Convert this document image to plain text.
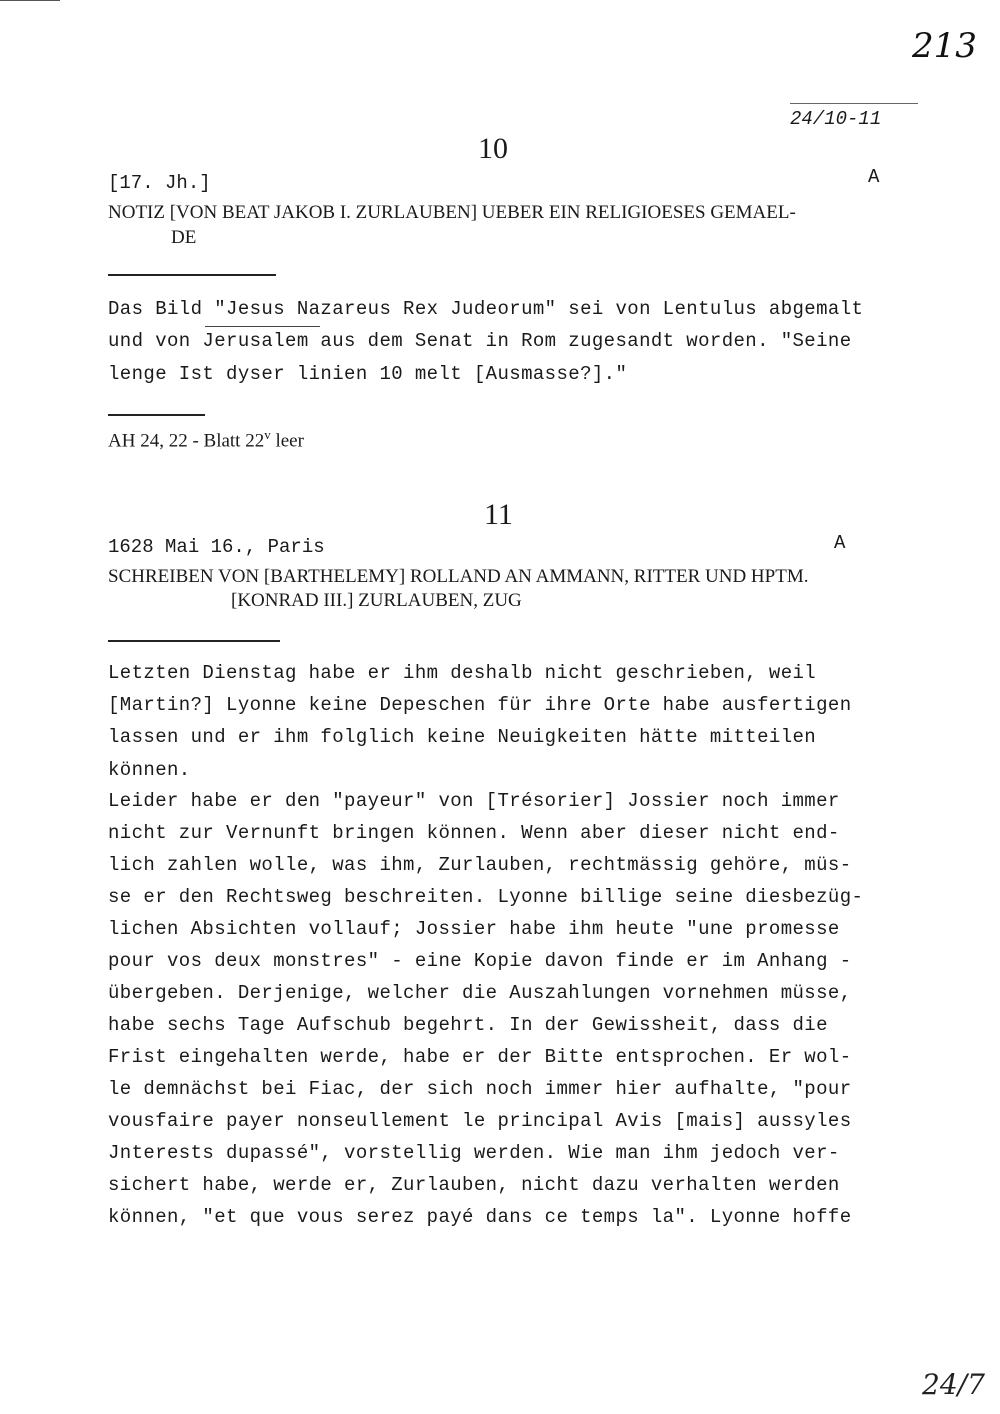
213
24/10-11
10
[17. Jh.]	A
NOTIZ [VON BEAT JAKOB I. ZURLAUBEN] UEBER EIN RELIGIOESES GEMAEL-
DE
Das Bild "Jesus Nazareus Rex Judeorum" sei von Lentulus abgemalt
und von Jerusalem aus dem Senat in Rom zugesandt worden. "Seine
lenge Ist dyser linien 10 melt [Ausmasse?]."
AH 24, 22 - Blatt 22$^v$ leer
11
1628 Mai 16., Paris	A
SCHREIBEN VON [BARTHELEMY] ROLLAND AN AMMANN, RITTER UND HPTM.
[KONRAD III.] ZURLAUBEN, ZUG
Letzten Dienstag habe er ihm deshalb nicht geschrieben, weil
[Martin?] Lyonne keine Depeschen für ihre Orte habe ausfertigen
lassen und er ihm folglich keine Neuigkeiten hätte mitteilen
können.
Leider habe er den "payeur" von [Trésorier] Jossier noch immer
nicht zur Vernunft bringen können. Wenn aber dieser nicht end-
lich zahlen wolle, was ihm, Zurlauben, rechtmässig gehöre, müs-
se er den Rechtsweg beschreiten. Lyonne billige seine diesbezüg-
lichen Absichten vollauf; Jossier habe ihm heute "une promesse
pour vos deux monstres" - eine Kopie davon finde er im Anhang -
übergeben. Derjenige, welcher die Auszahlungen vornehmen müsse,
habe sechs Tage Aufschub begehrt. In der Gewissheit, dass die
Frist eingehalten werde, habe er der Bitte entsprochen. Er wol-
le demnächst bei Fiac, der sich noch immer hier aufhalte, "pour
vousfaire payer nonseullement le principal Avis [mais] aussyles
Jnterests dupassé", vorstellig werden. Wie man ihm jedoch ver-
sichert habe, werde er, Zurlauben, nicht dazu verhalten werden
können, "et que vous serez payé dans ce temps la". Lyonne hoffe
24/7
